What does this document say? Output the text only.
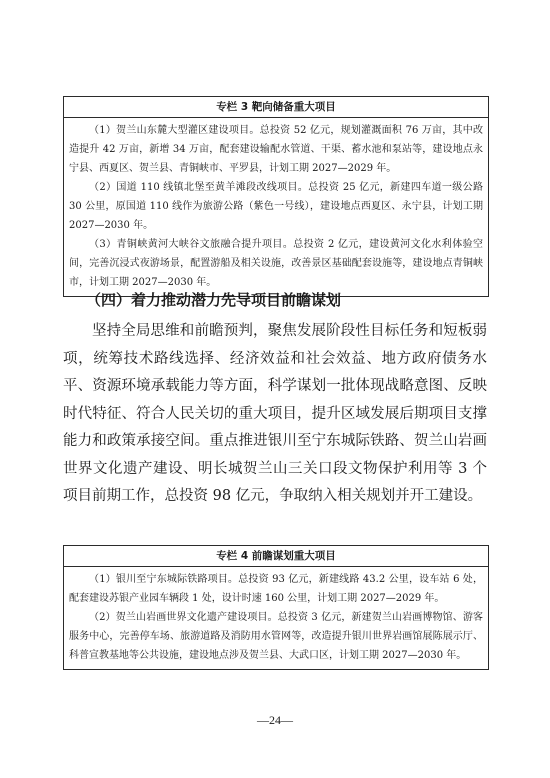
专栏 3 靶向储备重大项目

（1）贺兰山东麓大型灌区建设项目。总投资 52 亿元，规划灌溉面积 76 万亩，其中改造提升 42 万亩，新增 34 万亩，配套建设输配水管道、干渠、蓄水池和泵站等，建设地点永宁县、西夏区、贺兰县、青铜峡市、平罗县，计划工期 2027—2029 年。

（2）国道 110 线镇北堡至黄羊滩段改线项目。总投资 25 亿元，新建四车道一级公路 30 公里，原国道 110 线作为旅游公路（紫色一号线），建设地点西夏区、永宁县，计划工期 2027—2030 年。

（3）青铜峡黄河大峡谷文旅融合提升项目。总投资 2 亿元，建设黄河文化水利体验空间，完善沉浸式夜游场景，配置游船及相关设施，改善景区基础配套设施等，建设地点青铜峡市，计划工期 2027—2030 年。

（四）着力推动潜力先导项目前瞻谋划

坚持全局思维和前瞻预判，聚焦发展阶段性目标任务和短板弱项，统筹技术路线选择、经济效益和社会效益、地方政府债务水平、资源环境承载能力等方面，科学谋划一批体现战略意图、反映时代特征、符合人民关切的重大项目，提升区域发展后期项目支撑能力和政策承接空间。重点推进银川至宁东城际铁路、贺兰山岩画世界文化遗产建设、明长城贺兰山三关口段文物保护利用等 3 个项目前期工作，总投资 98 亿元，争取纳入相关规划并开工建设。

专栏 4 前瞻谋划重大项目

（1）银川至宁东城际铁路项目。总投资 93 亿元，新建线路 43.2 公里，设车站 6 处，配套建设苏银产业园车辆段 1 处，设计时速 160 公里，计划工期 2027—2029 年。

（2）贺兰山岩画世界文化遗产建设项目。总投资 3 亿元，新建贺兰山岩画博物馆、游客服务中心，完善停车场、旅游道路及消防用水管网等，改造提升银川世界岩画馆展陈展示厅、科普宣教基地等公共设施，建设地点涉及贺兰县、大武口区，计划工期 2027—2030 年。

—24—
